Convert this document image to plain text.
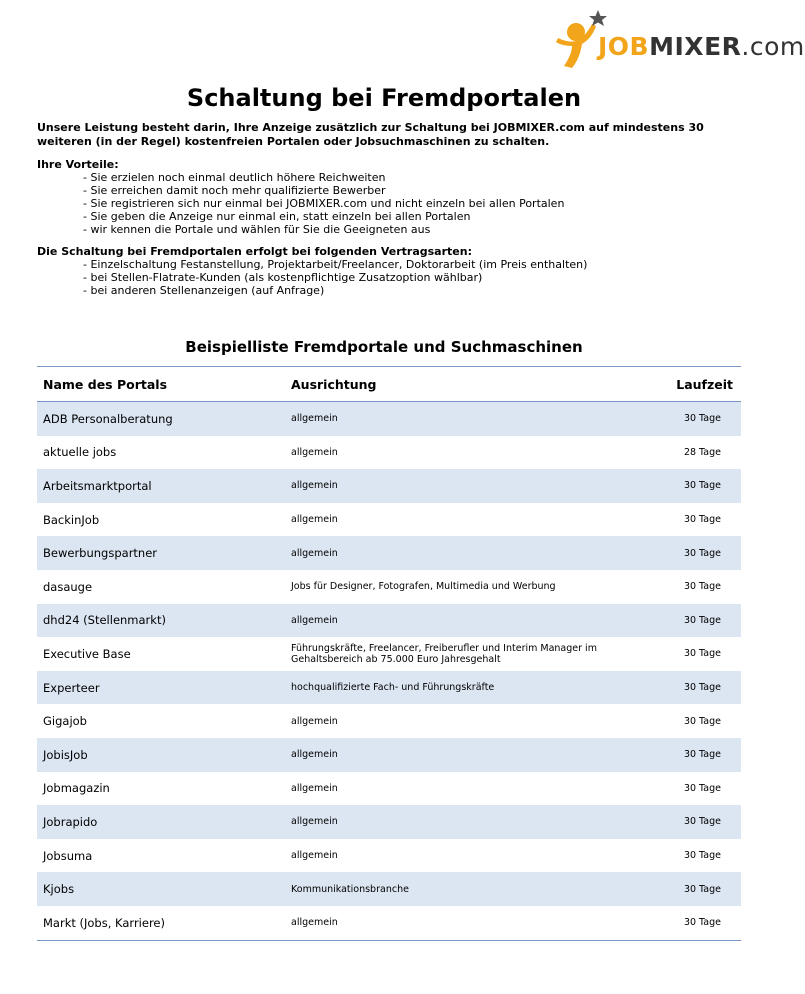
JOBMIXER.com
Schaltung bei Fremdportalen
Unsere Leistung besteht darin, Ihre Anzeige zusätzlich zur Schaltung bei JOBMIXER.com auf mindestens 30 weiteren (in der Regel) kostenfreien Portalen oder Jobsuchmaschinen zu schalten.
Ihre Vorteile:
- Sie erzielen noch einmal deutlich höhere Reichweiten
- Sie erreichen damit noch mehr qualifizierte Bewerber
- Sie registrieren sich nur einmal bei JOBMIXER.com und nicht einzeln bei allen Portalen
- Sie geben die Anzeige nur einmal ein, statt einzeln bei allen Portalen
- wir kennen die Portale und wählen für Sie die Geeigneten aus
Die Schaltung bei Fremdportalen erfolgt bei folgenden Vertragsarten:
- Einzelschaltung Festanstellung, Projektarbeit/Freelancer, Doktorarbeit (im Preis enthalten)
- bei Stellen-Flatrate-Kunden (als kostenpflichtige Zusatzoption wählbar)
- bei anderen Stellenanzeigen (auf Anfrage)
Beispielliste Fremdportale und Suchmaschinen
Name des Portals	Ausrichtung	Laufzeit
ADB Personalberatung	allgemein	30 Tage
aktuelle jobs	allgemein	28 Tage
Arbeitsmarktportal	allgemein	30 Tage
BackinJob	allgemein	30 Tage
Bewerbungspartner	allgemein	30 Tage
dasauge	Jobs für Designer, Fotografen, Multimedia und Werbung	30 Tage
dhd24 (Stellenmarkt)	allgemein	30 Tage
Executive Base	Führungskräfte, Freelancer, Freiberufler und Interim Manager im Gehaltsbereich ab 75.000 Euro Jahresgehalt	30 Tage
Experteer	hochqualifizierte Fach- und Führungskräfte	30 Tage
Gigajob	allgemein	30 Tage
JobisJob	allgemein	30 Tage
Jobmagazin	allgemein	30 Tage
Jobrapido	allgemein	30 Tage
Jobsuma	allgemein	30 Tage
Kjobs	Kommunikationsbranche	30 Tage
Markt (Jobs, Karriere)	allgemein	30 Tage
